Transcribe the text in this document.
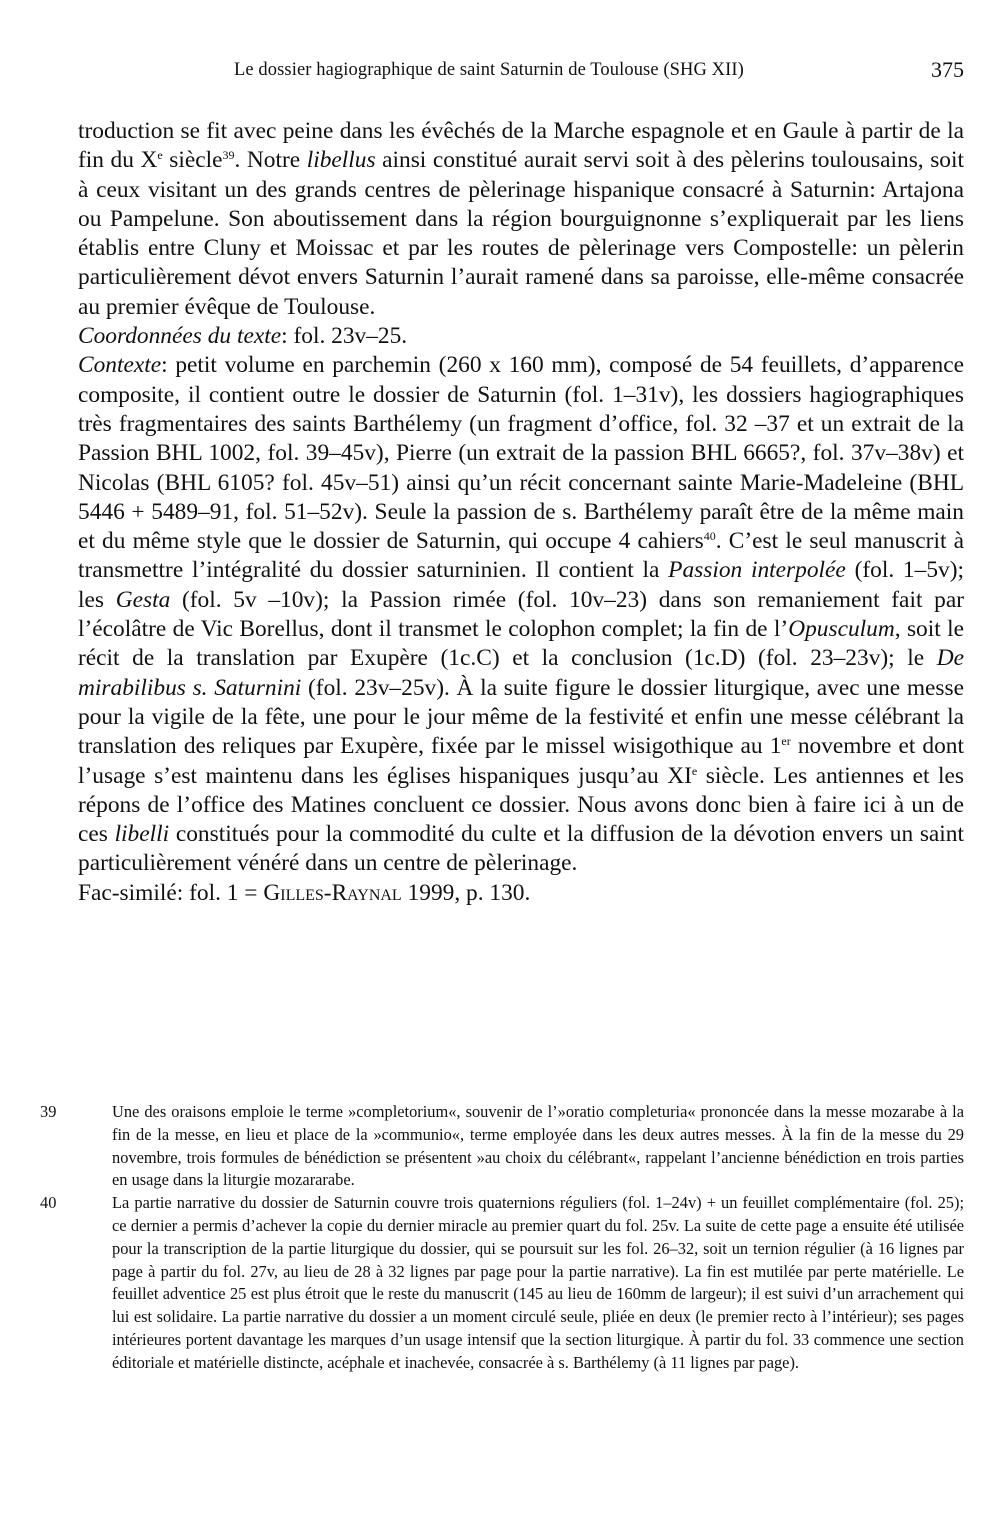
Le dossier hagiographique de saint Saturnin de Toulouse (SHG XII)	375

troduction se fit avec peine dans les évêchés de la Marche espagnole et en Gaule à partir de la fin du Xe siècle$^{39}$. Notre libellus ainsi constitué aurait servi soit à des pèlerins toulousains, soit à ceux visitant un des grands centres de pèlerinage hispanique consacré à Saturnin: Artajona ou Pampelune. Son aboutissement dans la région bourguignonne s’expliquerait par les liens établis entre Cluny et Moissac et par les routes de pèlerinage vers Compostelle: un pèlerin particulièrement dévot envers Saturnin l’aurait ramené dans sa paroisse, elle-même consacrée au premier évêque de Toulouse.

Coordonnées du texte: fol. 23v–25.

Contexte: petit volume en parchemin (260 x 160 mm), composé de 54 feuillets, d’apparence composite, il contient outre le dossier de Saturnin (fol. 1–31v), les dossiers hagiographiques très fragmentaires des saints Barthélemy (un fragment d’office, fol. 32 –37 et un extrait de la Passion BHL 1002, fol. 39–45v), Pierre (un extrait de la passion BHL 6665?, fol. 37v–38v) et Nicolas (BHL 6105? fol. 45v–51) ainsi qu’un récit concernant sainte Marie-Madeleine (BHL 5446 + 5489–91, fol. 51–52v). Seule la passion de s. Barthélemy paraît être de la même main et du même style que le dossier de Saturnin, qui occupe 4 cahiers$^{40}$. C’est le seul manuscrit à transmettre l’intégralité du dossier saturninien. Il contient la Passion interpolée (fol. 1–5v); les Gesta (fol. 5v –10v); la Passion rimée (fol. 10v–23) dans son remaniement fait par l’écolâtre de Vic Borellus, dont il transmet le colophon complet; la fin de l’Opusculum, soit le récit de la translation par Exupère (1c.C) et la conclusion (1c.D) (fol. 23–23v); le De mirabilibus s. Saturnini (fol. 23v–25v). À la suite figure le dossier liturgique, avec une messe pour la vigile de la fête, une pour le jour même de la festivité et enfin une messe célébrant la translation des reliques par Exupère, fixée par le missel wisigothique au 1er novembre et dont l’usage s’est maintenu dans les églises hispaniques jusqu’au XIe siècle. Les antiennes et les répons de l’office des Matines concluent ce dossier. Nous avons donc bien à faire ici à un de ces libelli constitués pour la commodité du culte et la diffusion de la dévotion envers un saint particulièrement vénéré dans un centre de pèlerinage.

Fac-similé: fol. 1 = Gilles-Raynal 1999, p. 130.

39	Une des oraisons emploie le terme »completorium«, souvenir de l’»oratio completuria« prononcée dans la messe mozarabe à la fin de la messe, en lieu et place de la »communio«, terme employée dans les deux autres messes. À la fin de la messe du 29 novembre, trois formules de bénédiction se présentent »au choix du célébrant«, rappelant l’ancienne bénédiction en trois parties en usage dans la liturgie mozararabe.

40	La partie narrative du dossier de Saturnin couvre trois quaternions réguliers (fol. 1–24v) + un feuillet complémentaire (fol. 25); ce dernier a permis d’achever la copie du dernier miracle au premier quart du fol. 25v. La suite de cette page a ensuite été utilisée pour la transcription de la partie liturgique du dossier, qui se poursuit sur les fol. 26–32, soit un ternion régulier (à 16 lignes par page à partir du fol. 27v, au lieu de 28 à 32 lignes par page pour la partie narrative). La fin est mutilée par perte matérielle. Le feuillet adventice 25 est plus étroit que le reste du manuscrit (145 au lieu de 160mm de largeur); il est suivi d’un arrachement qui lui est solidaire. La partie narrative du dossier a un moment circulé seule, pliée en deux (le premier recto à l’intérieur); ses pages intérieures portent davantage les marques d’un usage intensif que la section liturgique. À partir du fol. 33 commence une section éditoriale et matérielle distincte, acéphale et inachevée, consacrée à s. Barthélemy (à 11 lignes par page).
